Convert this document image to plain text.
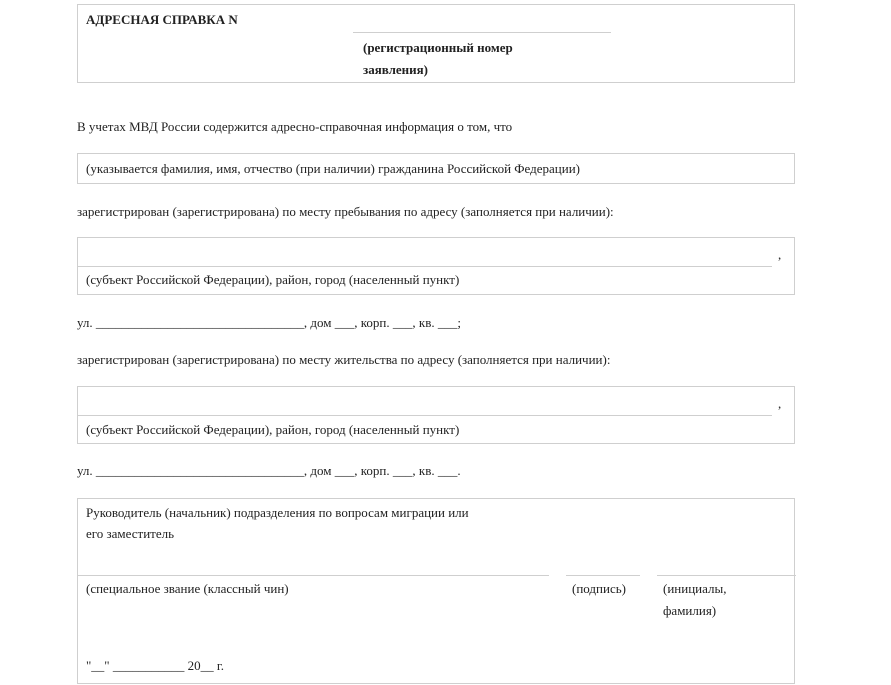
АДРЕСНАЯ СПРАВКА N
(регистрационный номер
заявления)
В учетах МВД России содержится адресно-справочная информация о том, что
(указывается фамилия, имя, отчество (при наличии) гражданина Российской Федерации)
зарегистрирован (зарегистрирована) по месту пребывания по адресу (заполняется при наличии):
,
(субъект Российской Федерации), район, город (населенный пункт)
ул. ________________________________, дом ___, корп. ___, кв. ___;
зарегистрирован (зарегистрирована) по месту жительства по адресу (заполняется при наличии):
,
(субъект Российской Федерации), район, город (населенный пункт)
ул. ________________________________, дом ___, корп. ___, кв. ___.
Руководитель (начальник) подразделения по вопросам миграции или
его заместитель
(специальное звание (классный чин)	(подпись)	(инициалы,
фамилия)
"__" ___________ 20__ г.
